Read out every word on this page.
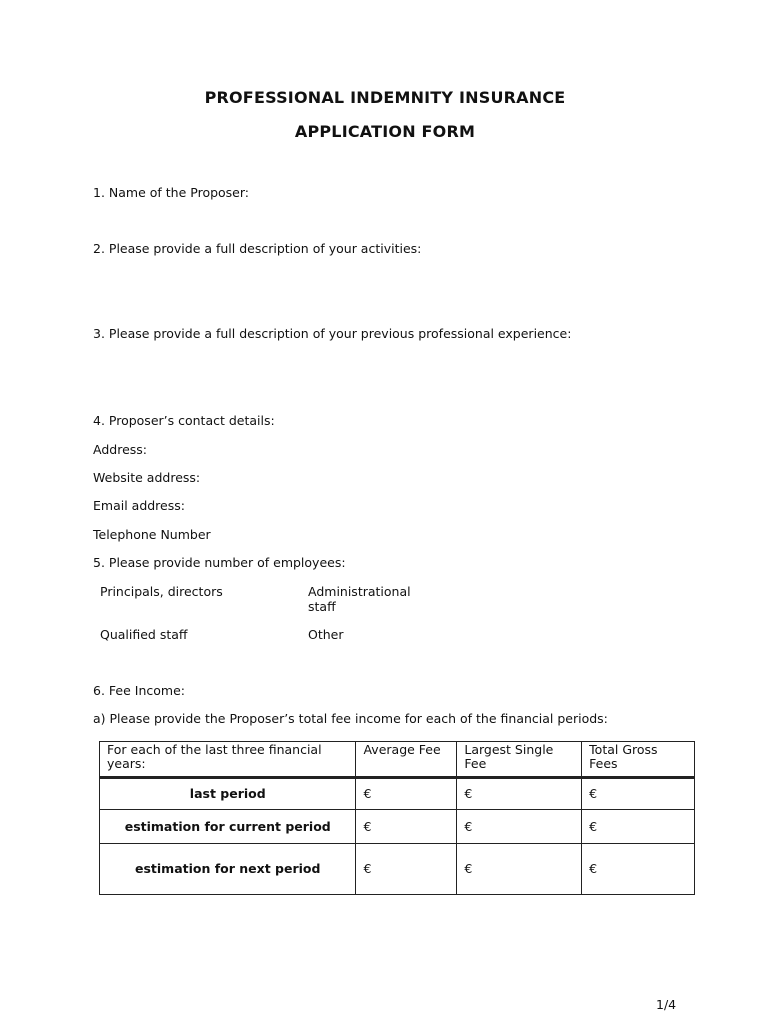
PROFESSIONAL INDEMNITY INSURANCE
APPLICATION FORM
1. Name of the Proposer:
2. Please provide a full description of your activities:
3. Please provide a full description of your previous professional experience:
4. Proposer’s contact details:
Address:
Website address:
Email address:
Telephone Number
5. Please provide number of employees:
Principals, directors	Administrational staff
Qualified staff	Other
6. Fee Income:
a) Please provide the Proposer’s total fee income for each of the financial periods:
For each of the last three financial years:	Average Fee	Largest Single Fee	Total Gross Fees
last period	€	€	€
estimation for current period	€	€	€
estimation for next period	€	€	€
1/4
